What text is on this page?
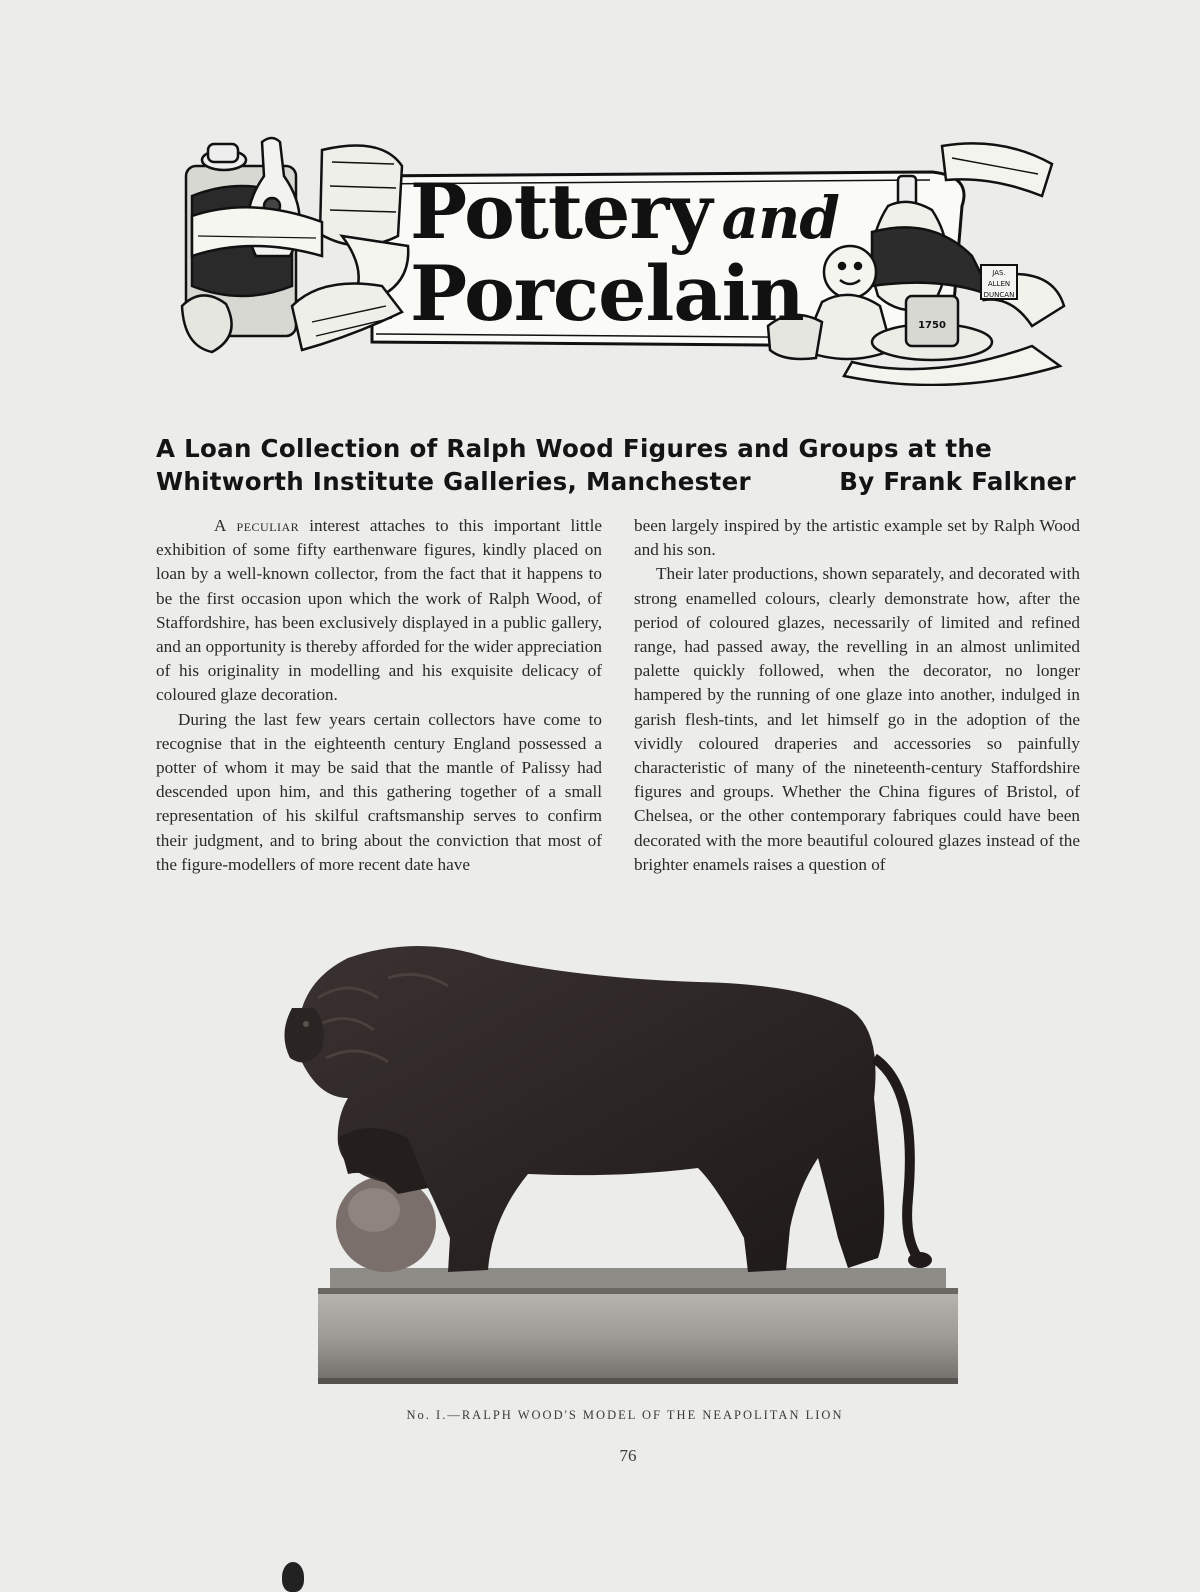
Pottery and
Porcelain	JAS. ALLEN DUNCAN
1750
A Loan Collection of Ralph Wood Figures and Groups at the
Whitworth Institute Galleries, Manchester	By Frank Falkner

A peculiar interest attaches to this important little exhibition of some fifty earthenware figures, kindly placed on loan by a well-known collector, from the fact that it happens to be the first occasion upon which the work of Ralph Wood, of Staffordshire, has been exclusively displayed in a public gallery, and an opportunity is thereby afforded for the wider appreciation of his originality in modelling and his exquisite delicacy of coloured glaze decoration.

During the last few years certain collectors have come to recognise that in the eighteenth century England possessed a potter of whom it may be said that the mantle of Palissy had descended upon him, and this gathering together of a small representation of his skilful craftsmanship serves to confirm their judgment, and to bring about the conviction that most of the figure-modellers of more recent date have

been largely inspired by the artistic example set by Ralph Wood and his son.

Their later productions, shown separately, and decorated with strong enamelled colours, clearly demonstrate how, after the period of coloured glazes, necessarily of limited and refined range, had passed away, the revelling in an almost unlimited palette quickly followed, when the decorator, no longer hampered by the running of one glaze into another, indulged in garish flesh-tints, and let himself go in the adoption of the vividly coloured draperies and accessories so painfully characteristic of many of the nineteenth-century Staffordshire figures and groups. Whether the China figures of Bristol, of Chelsea, or the other contemporary fabriques could have been decorated with the more beautiful coloured glazes instead of the brighter enamels raises a question of

No. I.—RALPH WOOD'S MODEL OF THE NEAPOLITAN LION
76
